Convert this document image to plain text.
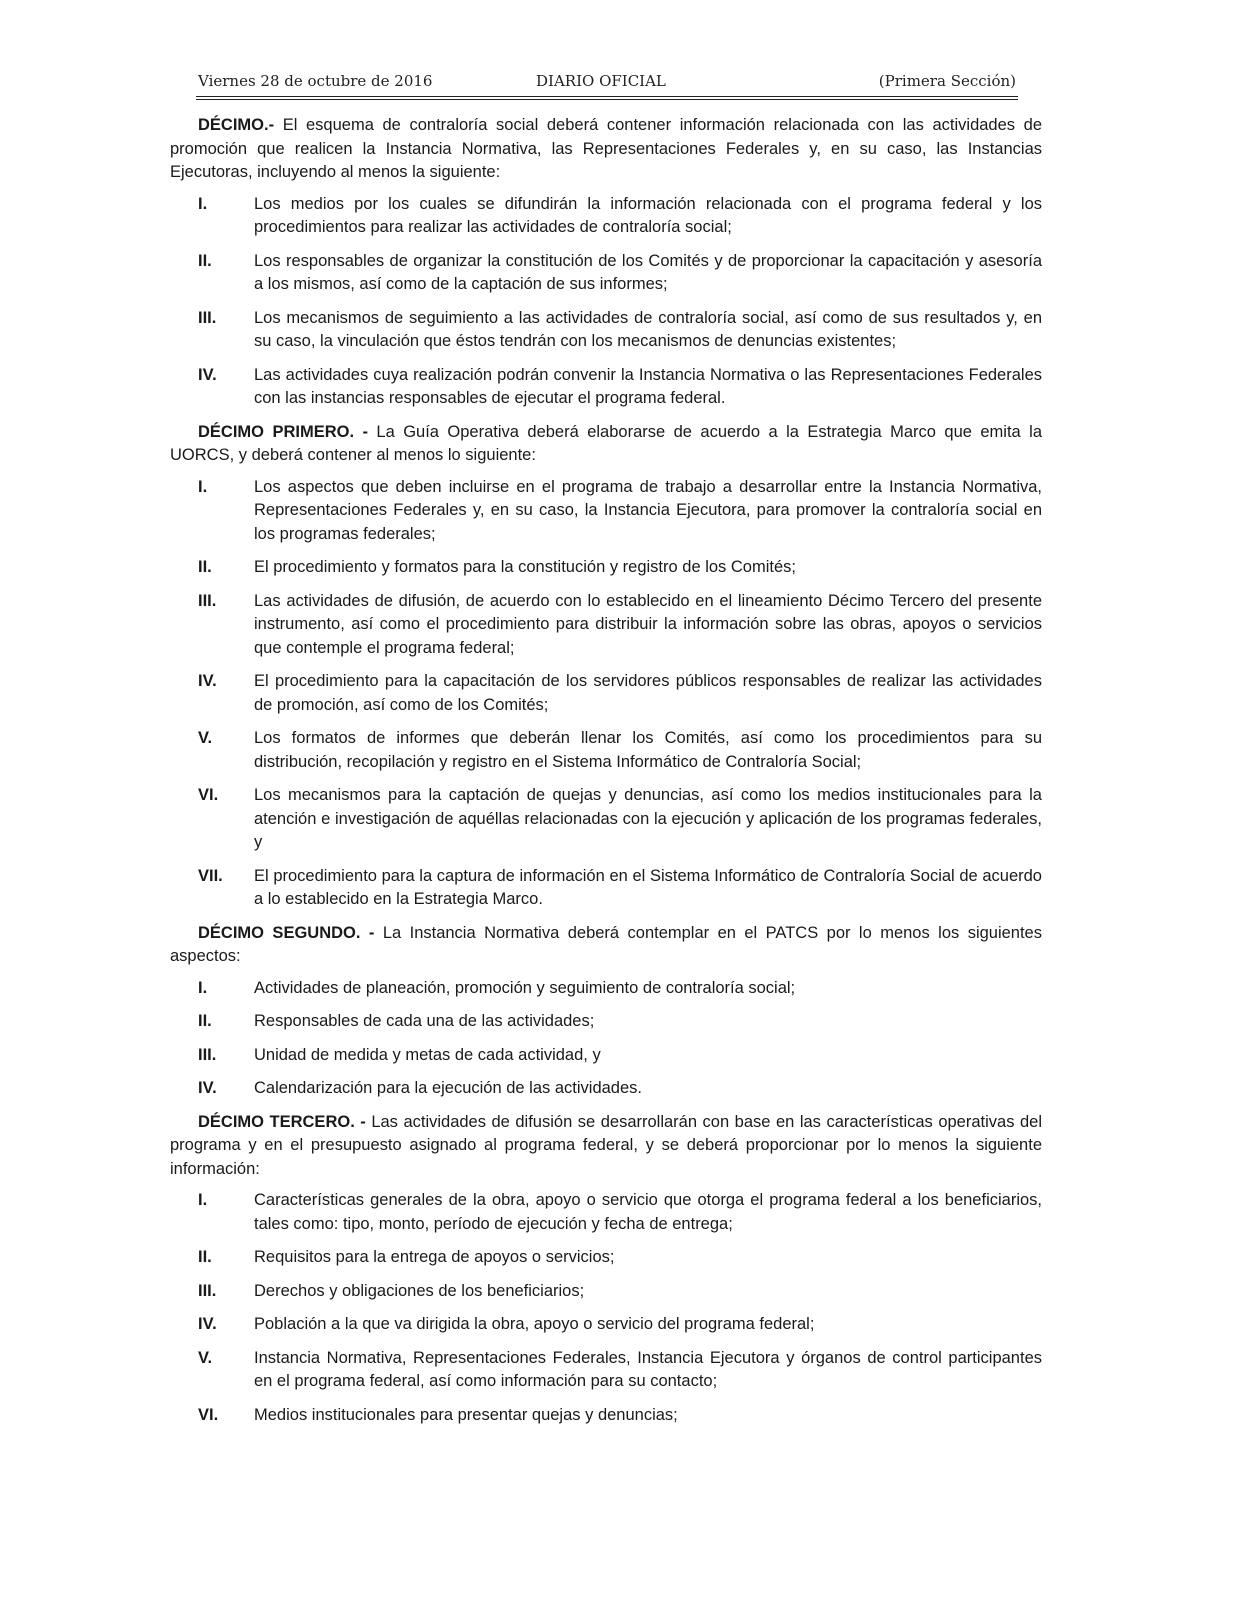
Viernes 28 de octubre de 2016	DIARIO OFICIAL	(Primera Sección)

DÉCIMO.- El esquema de contraloría social deberá contener información relacionada con las actividades de promoción que realicen la Instancia Normativa, las Representaciones Federales y, en su caso, las Instancias Ejecutoras, incluyendo al menos la siguiente:

I.	Los medios por los cuales se difundirán la información relacionada con el programa federal y los procedimientos para realizar las actividades de contraloría social;
II.	Los responsables de organizar la constitución de los Comités y de proporcionar la capacitación y asesoría a los mismos, así como de la captación de sus informes;
III. Los mecanismos de seguimiento a las actividades de contraloría social, así como de sus resultados y, en su caso, la vinculación que éstos tendrán con los mecanismos de denuncias existentes;
IV. Las actividades cuya realización podrán convenir la Instancia Normativa o las Representaciones Federales con las instancias responsables de ejecutar el programa federal.

DÉCIMO PRIMERO. - La Guía Operativa deberá elaborarse de acuerdo a la Estrategia Marco que emita la UORCS, y deberá contener al menos lo siguiente:

I.	Los aspectos que deben incluirse en el programa de trabajo a desarrollar entre la Instancia Normativa, Representaciones Federales y, en su caso, la Instancia Ejecutora, para promover la contraloría social en los programas federales;
II.	El procedimiento y formatos para la constitución y registro de los Comités;
III. Las actividades de difusión, de acuerdo con lo establecido en el lineamiento Décimo Tercero del presente instrumento, así como el procedimiento para distribuir la información sobre las obras, apoyos o servicios que contemple el programa federal;
IV. El procedimiento para la capacitación de los servidores públicos responsables de realizar las actividades de promoción, así como de los Comités;
V.	Los formatos de informes que deberán llenar los Comités, así como los procedimientos para su distribución, recopilación y registro en el Sistema Informático de Contraloría Social;
VI. Los mecanismos para la captación de quejas y denuncias, así como los medios institucionales para la atención e investigación de aquéllas relacionadas con la ejecución y aplicación de los programas federales, y
VII. El procedimiento para la captura de información en el Sistema Informático de Contraloría Social de acuerdo a lo establecido en la Estrategia Marco.

DÉCIMO SEGUNDO. - La Instancia Normativa deberá contemplar en el PATCS por lo menos los siguientes aspectos:

I.	Actividades de planeación, promoción y seguimiento de contraloría social;
II.	Responsables de cada una de las actividades;
III. Unidad de medida y metas de cada actividad, y
IV. Calendarización para la ejecución de las actividades.

DÉCIMO TERCERO. - Las actividades de difusión se desarrollarán con base en las características operativas del programa y en el presupuesto asignado al programa federal, y se deberá proporcionar por lo menos la siguiente información:

I.	Características generales de la obra, apoyo o servicio que otorga el programa federal a los beneficiarios, tales como: tipo, monto, período de ejecución y fecha de entrega;
II.	Requisitos para la entrega de apoyos o servicios;
III. Derechos y obligaciones de los beneficiarios;
IV. Población a la que va dirigida la obra, apoyo o servicio del programa federal;
V.	Instancia Normativa, Representaciones Federales, Instancia Ejecutora y órganos de control participantes en el programa federal, así como información para su contacto;
VI. Medios institucionales para presentar quejas y denuncias;
